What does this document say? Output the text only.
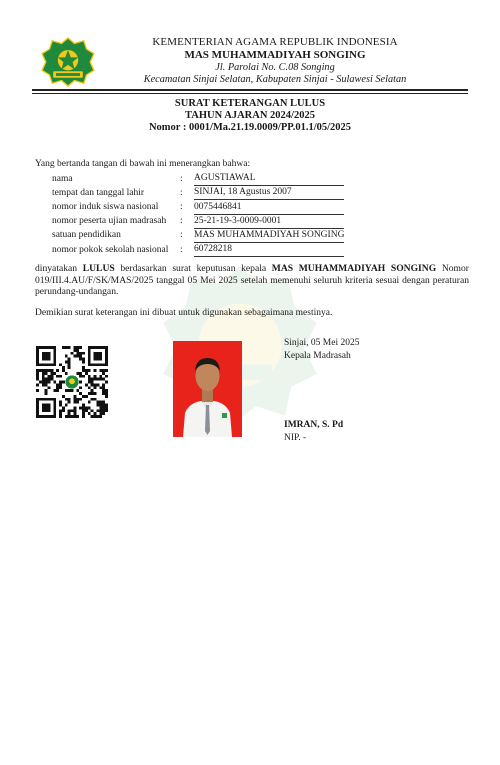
KEMENTERIAN AGAMA REPUBLIK INDONESIA
MAS MUHAMMADIYAH SONGING
Jl. Parolai No. C.08 Songing
Kecamatan Sinjai Selatan, Kabupaten Sinjai - Sulawesi Selatan
SURAT KETERANGAN LULUS
TAHUN AJARAN 2024/2025
Nomor : 0001/Ma.21.19.0009/PP.01.1/05/2025
Yang bertanda tangan di bawah ini menerangkan bahwa:
nama	:	AGUSTIAWAL
tempat dan tanggal lahir	:	SINJAI, 18 Agustus 2007
nomor induk siswa nasional	:	0075446841
nomor peserta ujian madrasah	:	25-21-19-3-0009-0001
satuan pendidikan	:	MAS MUHAMMADIYAH SONGING
nomor pokok sekolah nasional	:	60728218
dinyatakan LULUS berdasarkan surat keputusan kepala MAS MUHAMMADIYAH SONGING Nomor 019/III.4.AU/F/SK/MAS/2025 tanggal 05 Mei 2025 setelah memenuhi seluruh kriteria sesuai dengan peraturan perundang-undangan.
Demikian surat keterangan ini dibuat untuk digunakan sebagaimana mestinya.
Sinjai, 05 Mei 2025
Kepala Madrasah
IMRAN, S. Pd
NIP. -
